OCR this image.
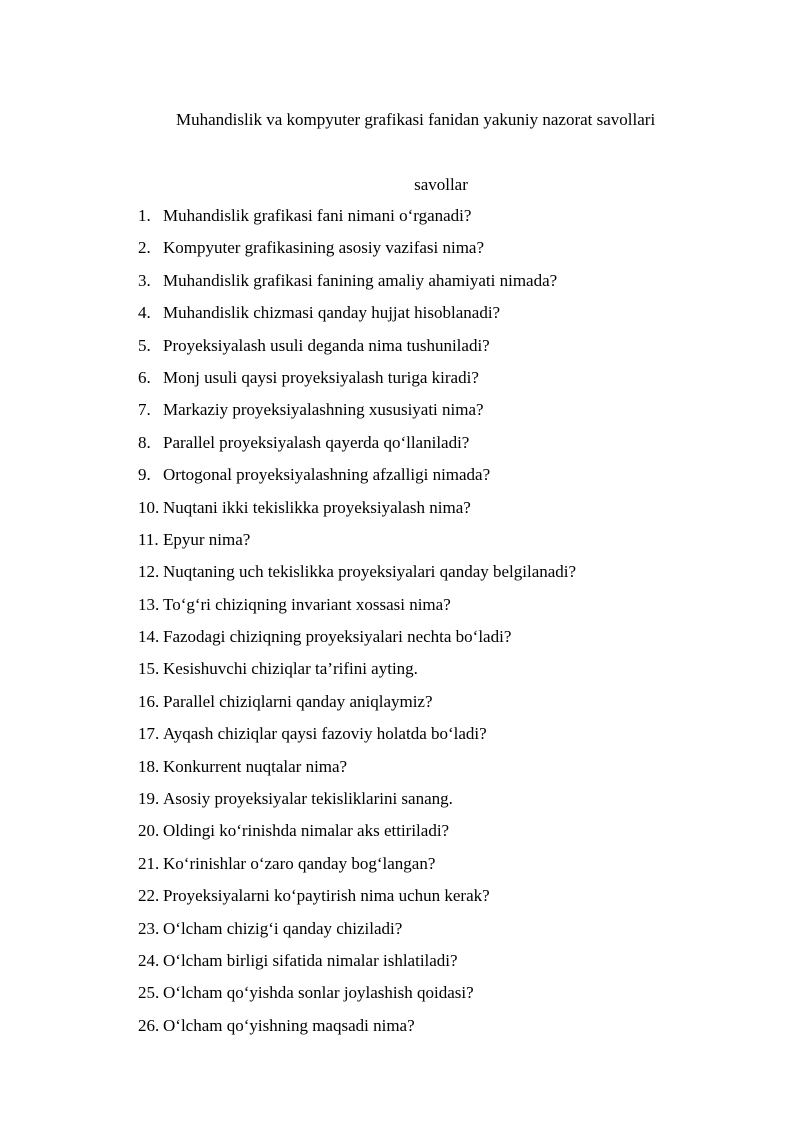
Muhandislik va kompyuter grafikasi fanidan yakuniy nazorat savollari
savollar
1. Muhandislik grafikasi fani nimani o‘rganadi?
2. Kompyuter grafikasining asosiy vazifasi nima?
3. Muhandislik grafikasi fanining amaliy ahamiyati nimada?
4. Muhandislik chizmasi qanday hujjat hisoblanadi?
5. Proyeksiyalash usuli deganda nima tushuniladi?
6. Monj usuli qaysi proyeksiyalash turiga kiradi?
7. Markaziy proyeksiyalashning xususiyati nima?
8. Parallel proyeksiyalash qayerda qo‘llaniladi?
9. Ortogonal proyeksiyalashning afzalligi nimada?
10. Nuqtani ikki tekislikka proyeksiyalash nima?
11. Epyur nima?
12. Nuqtaning uch tekislikka proyeksiyalari qanday belgilanadi?
13. To‘g‘ri chiziqning invariant xossasi nima?
14. Fazodagi chiziqning proyeksiyalari nechta bo‘ladi?
15. Kesishuvchi chiziqlar ta’rifini ayting.
16. Parallel chiziqlarni qanday aniqlaymiz?
17. Ayqash chiziqlar qaysi fazoviy holatda bo‘ladi?
18. Konkurrent nuqtalar nima?
19. Asosiy proyeksiyalar tekisliklarini sanang.
20. Oldingi ko‘rinishda nimalar aks ettiriladi?
21. Ko‘rinishlar o‘zaro qanday bog‘langan?
22. Proyeksiyalarni ko‘paytirish nima uchun kerak?
23. O‘lcham chizig‘i qanday chiziladi?
24. O‘lcham birligi sifatida nimalar ishlatiladi?
25. O‘lcham qo‘yishda sonlar joylashish qoidasi?
26. O‘lcham qo‘yishning maqsadi nima?
